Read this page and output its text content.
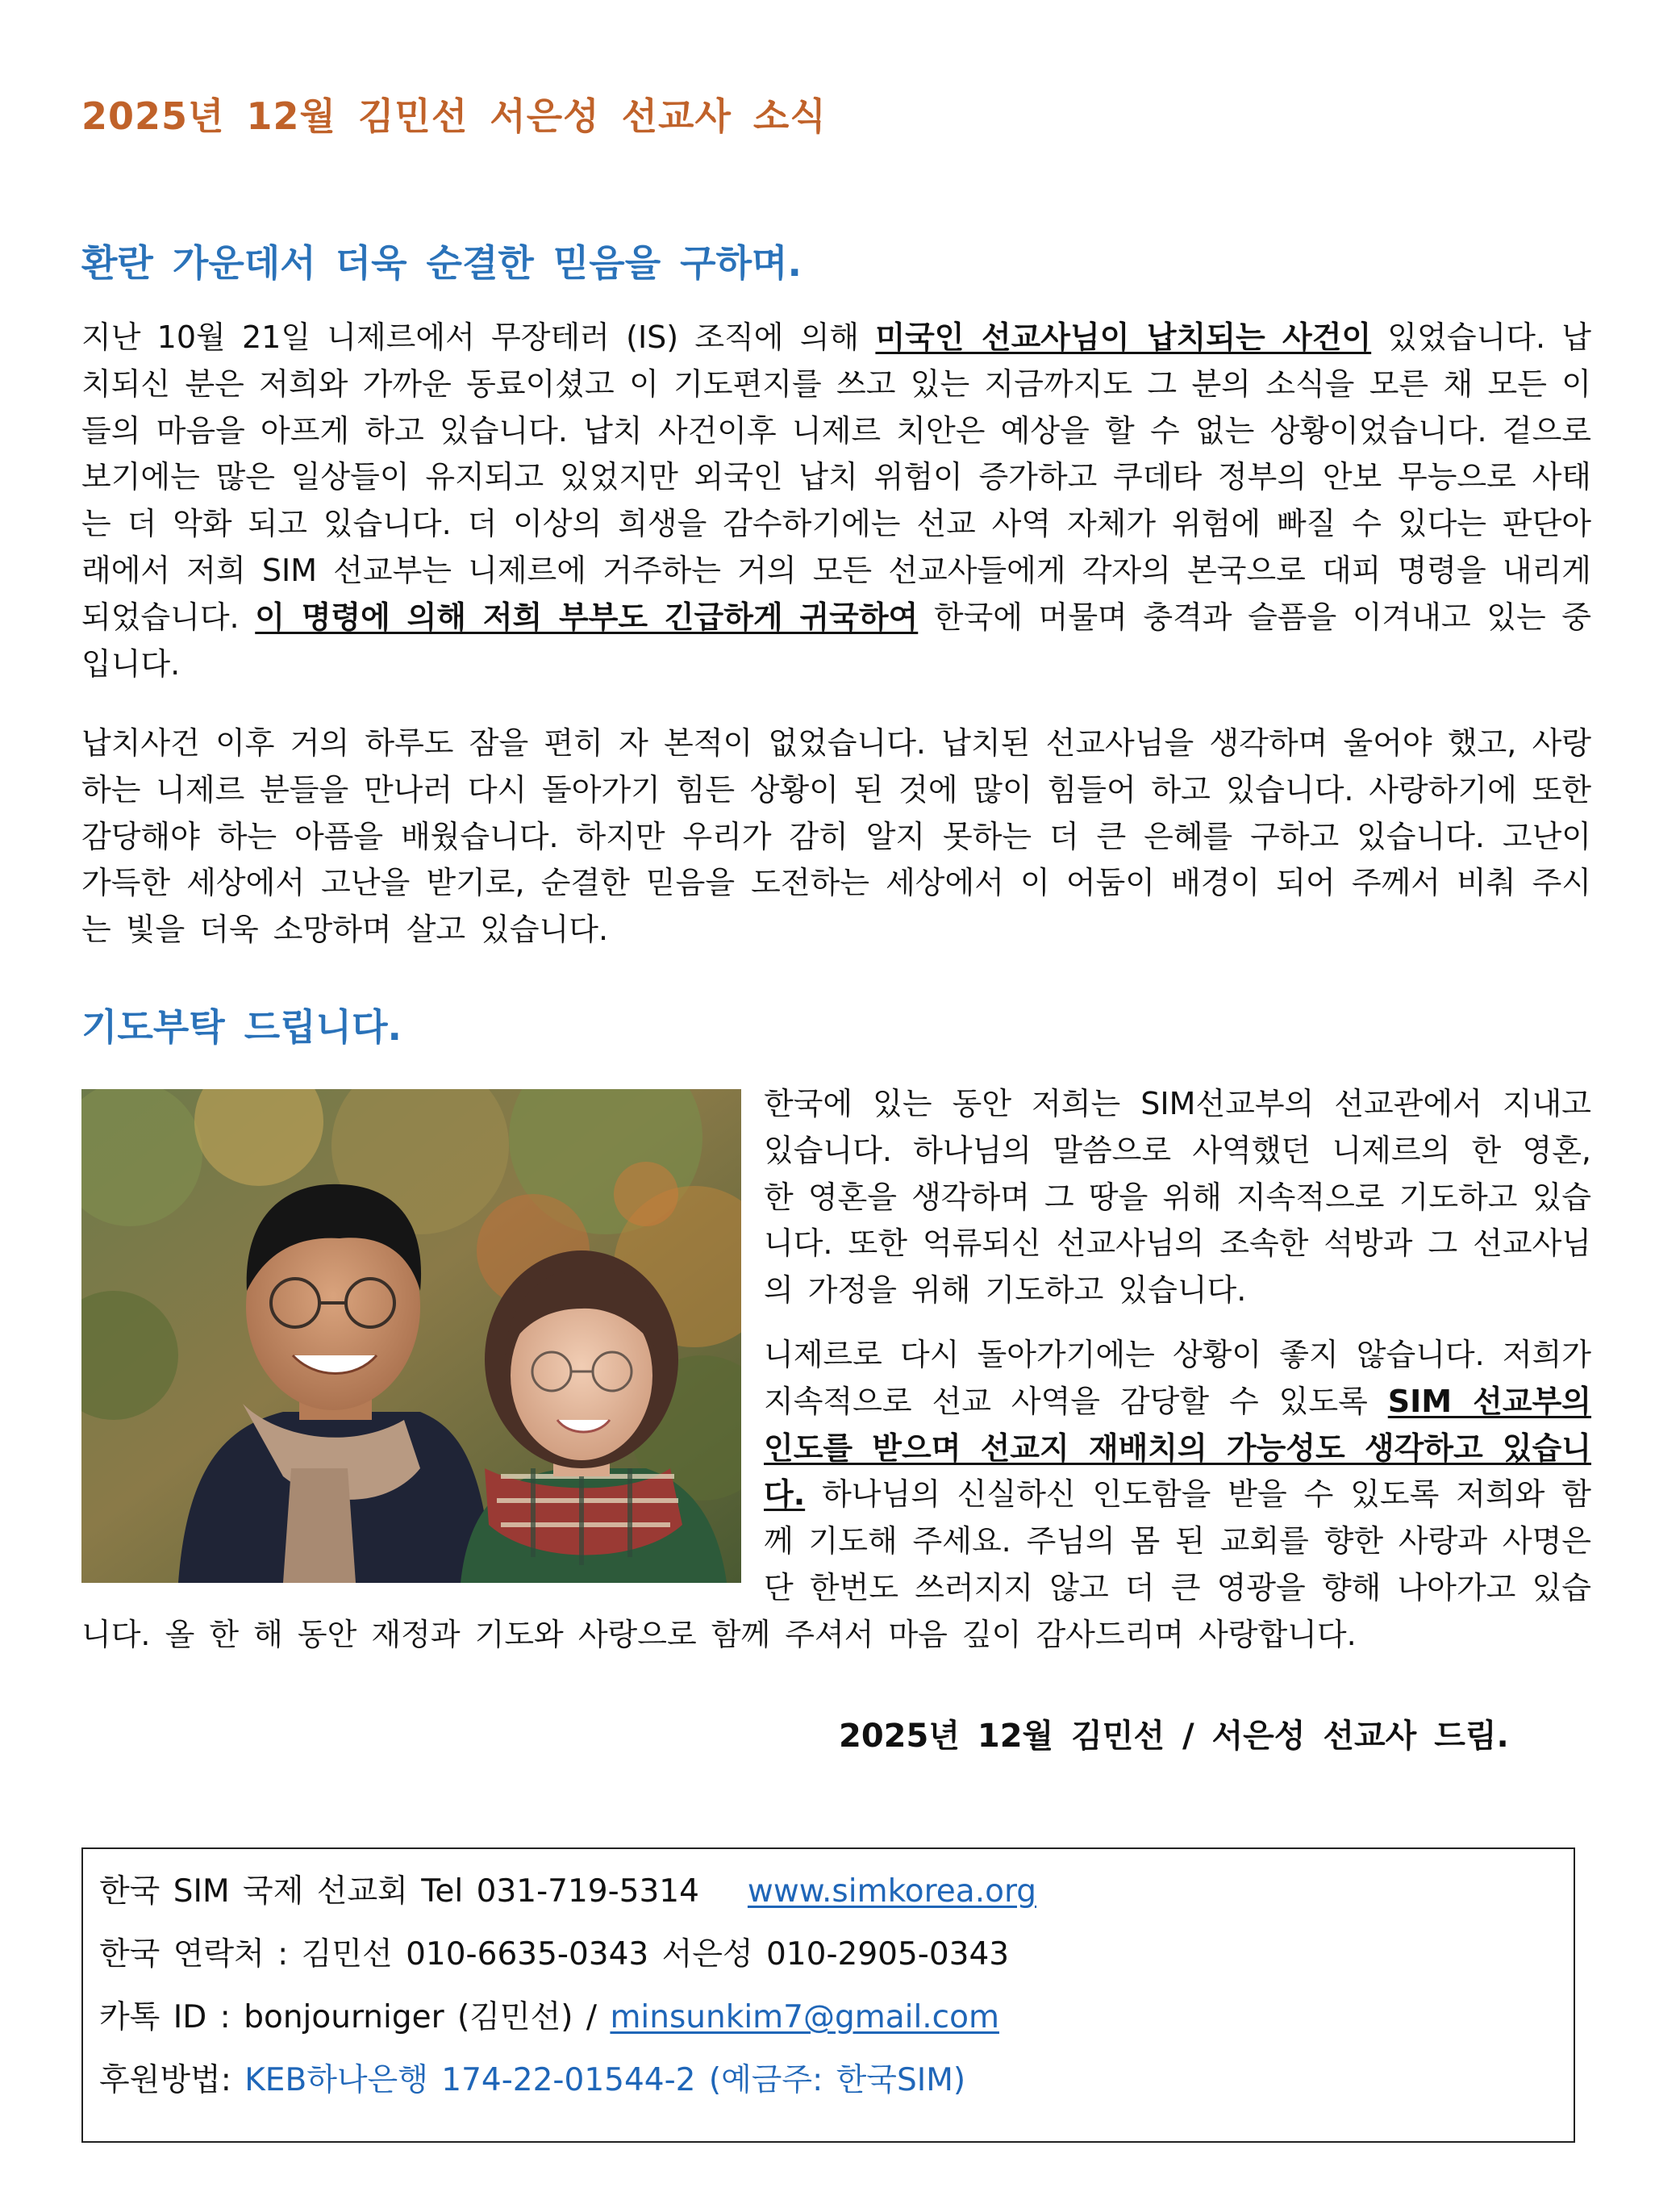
2025년 12월 김민선 서은성 선교사 소식
환란 가운데서 더욱 순결한 믿음을 구하며.
지난 10월 21일 니제르에서 무장테러 (IS) 조직에 의해 미국인 선교사님이 납치되는 사건이 있었습니다. 납치되신 분은 저희와 가까운 동료이셨고 이 기도편지를 쓰고 있는 지금까지도 그 분의 소식을 모른 채 모든 이들의 마음을 아프게 하고 있습니다. 납치 사건이후 니제르 치안은 예상을 할 수 없는 상황이었습니다. 겉으로 보기에는 많은 일상들이 유지되고 있었지만 외국인 납치 위험이 증가하고 쿠데타 정부의 안보 무능으로 사태는 더 악화 되고 있습니다. 더 이상의 희생을 감수하기에는 선교 사역 자체가 위험에 빠질 수 있다는 판단아래에서 저희 SIM 선교부는 니제르에 거주하는 거의 모든 선교사들에게 각자의 본국으로 대피 명령을 내리게 되었습니다. 이 명령에 의해 저희 부부도 긴급하게 귀국하여 한국에 머물며 충격과 슬픔을 이겨내고 있는 중입니다.
납치사건 이후 거의 하루도 잠을 편히 자 본적이 없었습니다. 납치된 선교사님을 생각하며 울어야 했고, 사랑하는 니제르 분들을 만나러 다시 돌아가기 힘든 상황이 된 것에 많이 힘들어 하고 있습니다. 사랑하기에 또한 감당해야 하는 아픔을 배웠습니다. 하지만 우리가 감히 알지 못하는 더 큰 은혜를 구하고 있습니다. 고난이 가득한 세상에서 고난을 받기로, 순결한 믿음을 도전하는 세상에서 이 어둠이 배경이 되어 주께서 비춰 주시는 빛을 더욱 소망하며 살고 있습니다.
기도부탁 드립니다.

한국에 있는 동안 저희는 SIM선교부의 선교관에서 지내고 있습니다. 하나님의 말씀으로 사역했던 니제르의 한 영혼, 한 영혼을 생각하며 그 땅을 위해 지속적으로 기도하고 있습니다. 또한 억류되신 선교사님의 조속한 석방과 그 선교사님의 가정을 위해 기도하고 있습니다.

니제르로 다시 돌아가기에는 상황이 좋지 않습니다. 저희가 지속적으로 선교 사역을 감당할 수 있도록 SIM 선교부의 인도를 받으며 선교지 재배치의 가능성도 생각하고 있습니다. 하나님의 신실하신 인도함을 받을 수 있도록 저희와 함께 기도해 주세요. 주님의 몸 된 교회를 향한 사랑과 사명은 단 한번도 쓰러지지 않고 더 큰 영광을 향해 나아가고 있습니다. 올 한 해 동안 재정과 기도와 사랑으로 함께 주셔서 마음 깊이 감사드리며 사랑합니다.

2025년 12월 김민선 / 서은성 선교사 드림.
한국 SIM 국제 선교회 Tel 031-719-5314 www.simkorea.org
한국 연락처 : 김민선 010-6635-0343 서은성 010-2905-0343
카톡 ID : bonjourniger (김민선) / minsunkim7@gmail.com
후원방법: KEB하나은행 174-22-01544-2 (예금주: 한국SIM)
